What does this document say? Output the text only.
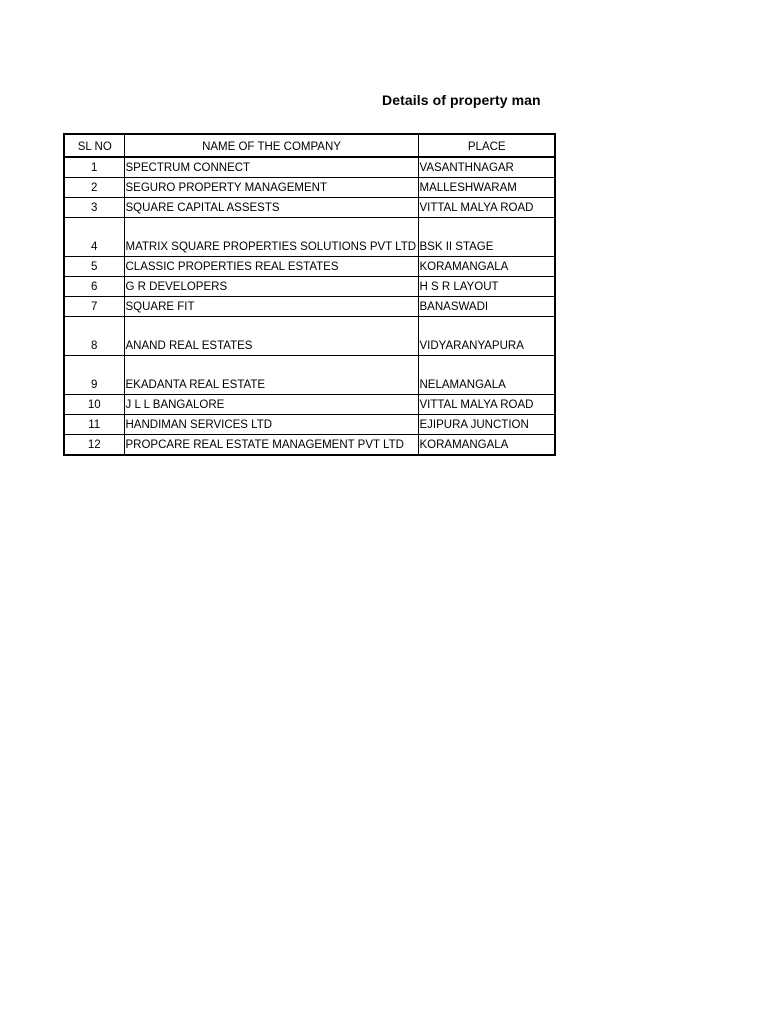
Details of property man
SL NO	NAME OF THE COMPANY	PLACE
1	SPECTRUM CONNECT	VASANTHNAGAR
2	SEGURO PROPERTY MANAGEMENT	MALLESHWARAM
3	SQUARE CAPITAL ASSESTS	VITTAL MALYA ROAD
4	MATRIX SQUARE PROPERTIES SOLUTIONS PVT LTD	BSK II STAGE
5	CLASSIC PROPERTIES REAL ESTATES	KORAMANGALA
6	G R DEVELOPERS	H S R LAYOUT
7	SQUARE FIT	BANASWADI
8	ANAND REAL ESTATES	VIDYARANYAPURA
9	EKADANTA REAL ESTATE	NELAMANGALA
10	J L L BANGALORE	VITTAL MALYA ROAD
11	HANDIMAN SERVICES LTD	EJIPURA JUNCTION
12	PROPCARE REAL ESTATE MANAGEMENT PVT LTD	KORAMANGALA
